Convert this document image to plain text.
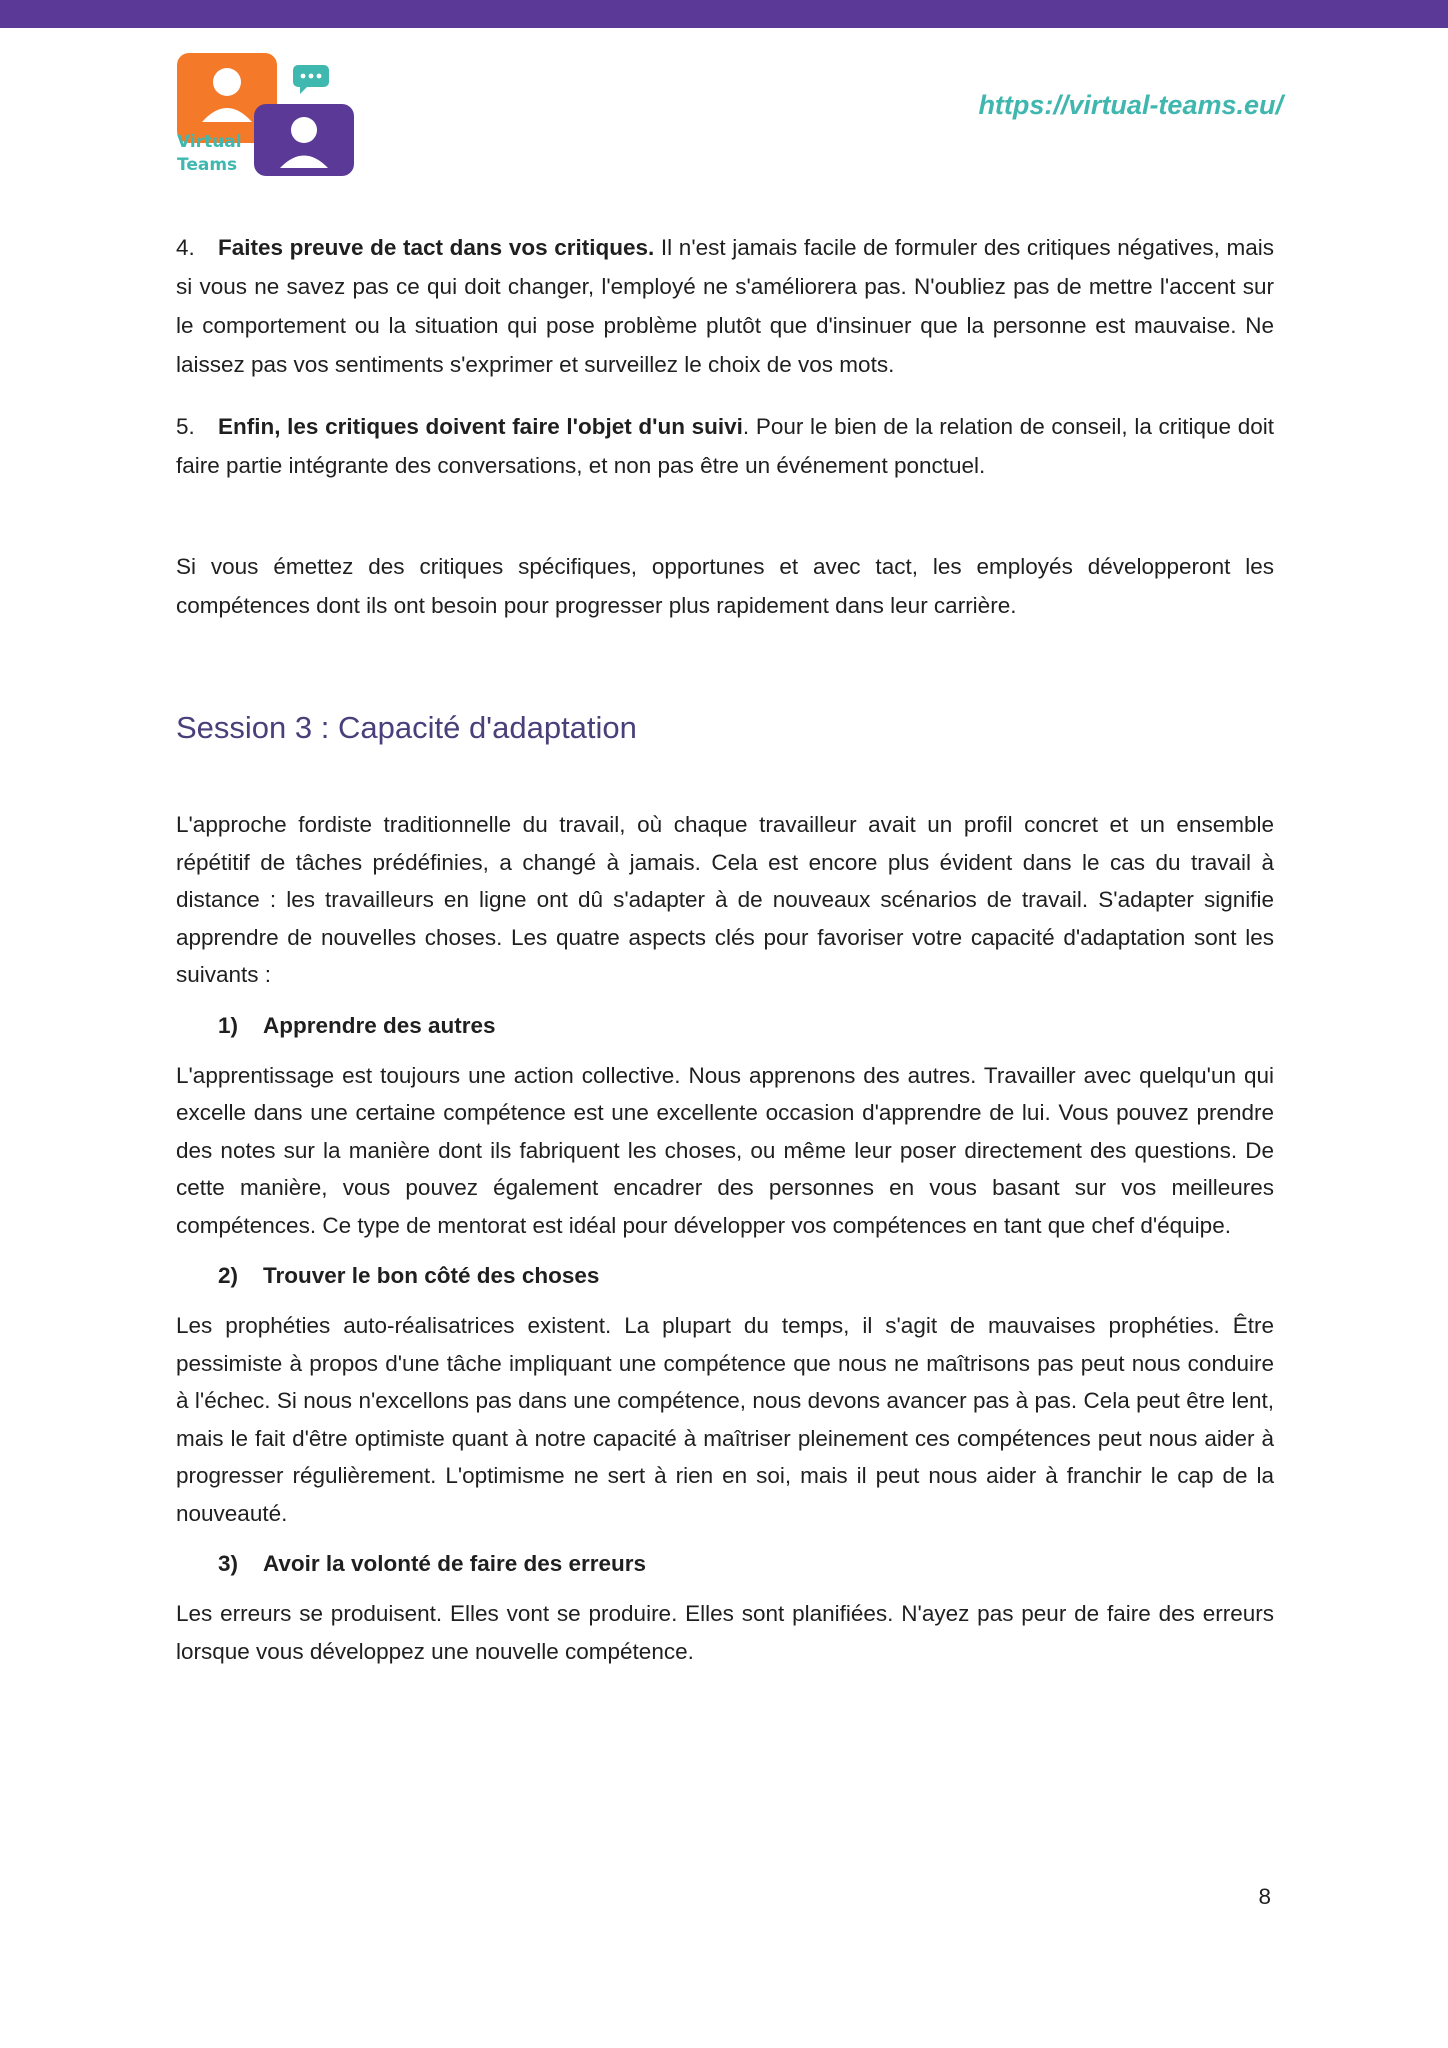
Virtual
Teams
https://virtual-teams.eu/

4. Faites preuve de tact dans vos critiques. Il n'est jamais facile de formuler des critiques négatives, mais si vous ne savez pas ce qui doit changer, l'employé ne s'améliorera pas. N'oubliez pas de mettre l'accent sur le comportement ou la situation qui pose problème plutôt que d'insinuer que la personne est mauvaise. Ne laissez pas vos sentiments s'exprimer et surveillez le choix de vos mots.

5. Enfin, les critiques doivent faire l'objet d'un suivi. Pour le bien de la relation de conseil, la critique doit faire partie intégrante des conversations, et non pas être un événement ponctuel.

Si vous émettez des critiques spécifiques, opportunes et avec tact, les employés développeront les compétences dont ils ont besoin pour progresser plus rapidement dans leur carrière.

Session 3 : Capacité d'adaptation

L'approche fordiste traditionnelle du travail, où chaque travailleur avait un profil concret et un ensemble répétitif de tâches prédéfinies, a changé à jamais. Cela est encore plus évident dans le cas du travail à distance : les travailleurs en ligne ont dû s'adapter à de nouveaux scénarios de travail. S'adapter signifie apprendre de nouvelles choses. Les quatre aspects clés pour favoriser votre capacité d'adaptation sont les suivants :

1) Apprendre des autres

L'apprentissage est toujours une action collective. Nous apprenons des autres. Travailler avec quelqu'un qui excelle dans une certaine compétence est une excellente occasion d'apprendre de lui. Vous pouvez prendre des notes sur la manière dont ils fabriquent les choses, ou même leur poser directement des questions. De cette manière, vous pouvez également encadrer des personnes en vous basant sur vos meilleures compétences. Ce type de mentorat est idéal pour développer vos compétences en tant que chef d'équipe.

2) Trouver le bon côté des choses

Les prophéties auto-réalisatrices existent. La plupart du temps, il s'agit de mauvaises prophéties. Être pessimiste à propos d'une tâche impliquant une compétence que nous ne maîtrisons pas peut nous conduire à l'échec. Si nous n'excellons pas dans une compétence, nous devons avancer pas à pas. Cela peut être lent, mais le fait d'être optimiste quant à notre capacité à maîtriser pleinement ces compétences peut nous aider à progresser régulièrement. L'optimisme ne sert à rien en soi, mais il peut nous aider à franchir le cap de la nouveauté.

3) Avoir la volonté de faire des erreurs

Les erreurs se produisent. Elles vont se produire. Elles sont planifiées. N'ayez pas peur de faire des erreurs lorsque vous développez une nouvelle compétence.

8
